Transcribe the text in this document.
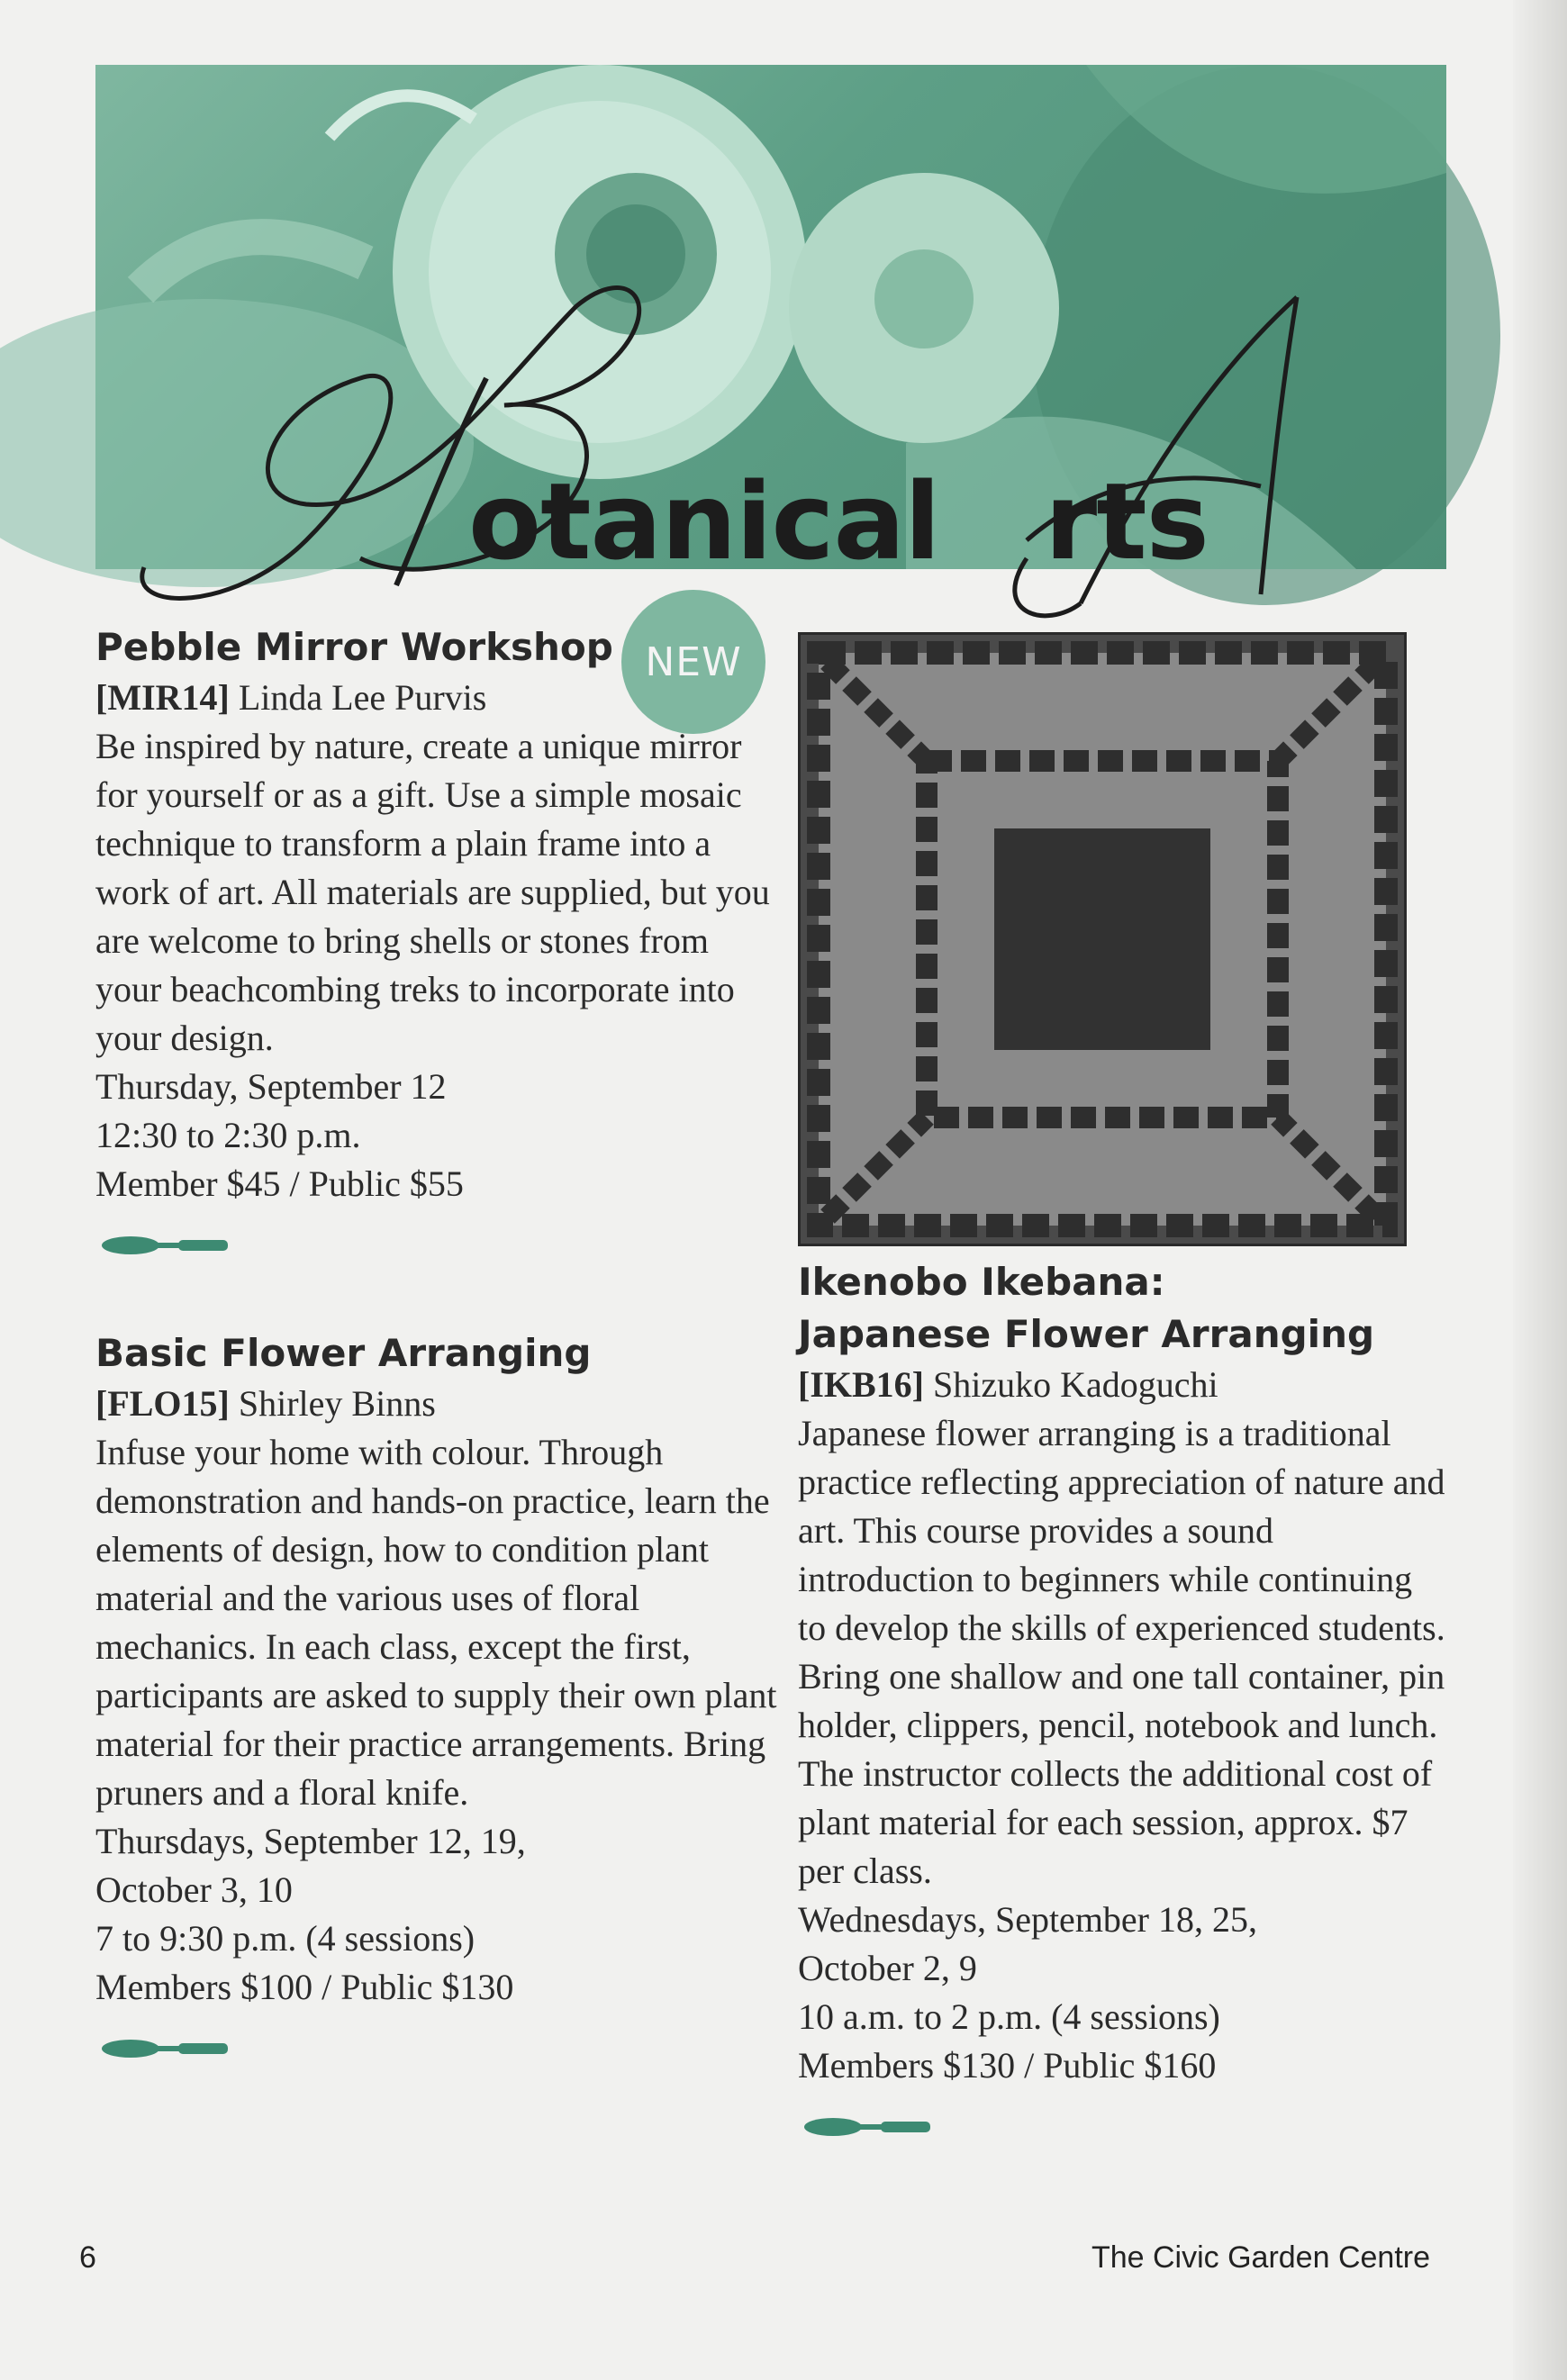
otanical rts
NEW
Pebble Mirror Workshop

[MIR14] Linda Lee Purvis

Be inspired by nature, create a unique mirror for yourself or as a gift. Use a simple mosaic technique to transform a plain frame into a work of art. All materials are supplied, but you are welcome to bring shells or stones from your beachcombing treks to incorporate into your design.

Thursday, September 12

12:30 to 2:30 p.m.

Member $45 / Public $55

Basic Flower Arranging

[FLO15] Shirley Binns

Infuse your home with colour. Through demonstration and hands-on practice, learn the elements of design, how to condition plant material and the various uses of floral mechanics. In each class, except the first, participants are asked to supply their own plant material for their practice arrangements. Bring pruners and a floral knife.

Thursdays, September 12, 19,

October 3, 10

7 to 9:30 p.m. (4 sessions)

Members $100 / Public $130

Ikenobo Ikebana:
Japanese Flower Arranging

[IKB16] Shizuko Kadoguchi

Japanese flower arranging is a traditional practice reflecting appreciation of nature and art. This course provides a sound introduction to beginners while continuing to develop the skills of experienced students. Bring one shallow and one tall container, pin holder, clippers, pencil, notebook and lunch. The instructor collects the additional cost of plant material for each session, approx. $7 per class.

Wednesdays, September 18, 25,

October 2, 9

10 a.m. to 2 p.m. (4 sessions)

Members $130 / Public $160

6	The Civic Garden Centre
